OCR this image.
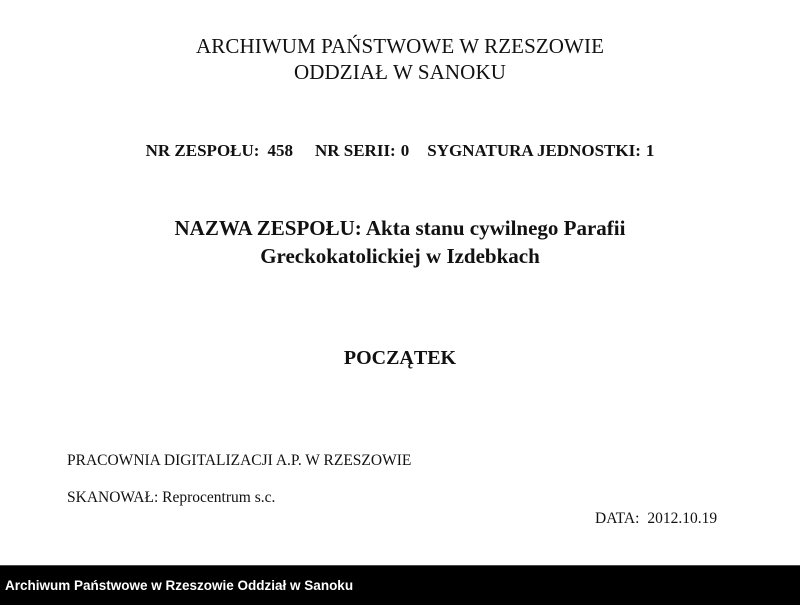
ARCHIWUM PAŃSTWOWE W RZESZOWIE
ODDZIAŁ W SANOKU
NR ZESPOŁU: 458 NR SERII: 0 SYGNATURA JEDNOSTKI: 1
NAZWA ZESPOŁU: Akta stanu cywilnego Parafii
Greckokatolickiej w Izdebkach
POCZĄTEK
PRACOWNIA DIGITALIZACJI A.P. W RZESZOWIE
SKANOWAŁ: Reprocentrum s.c.
DATA: 2012.10.19
Archiwum Państwowe w Rzeszowie Oddział w Sanoku
